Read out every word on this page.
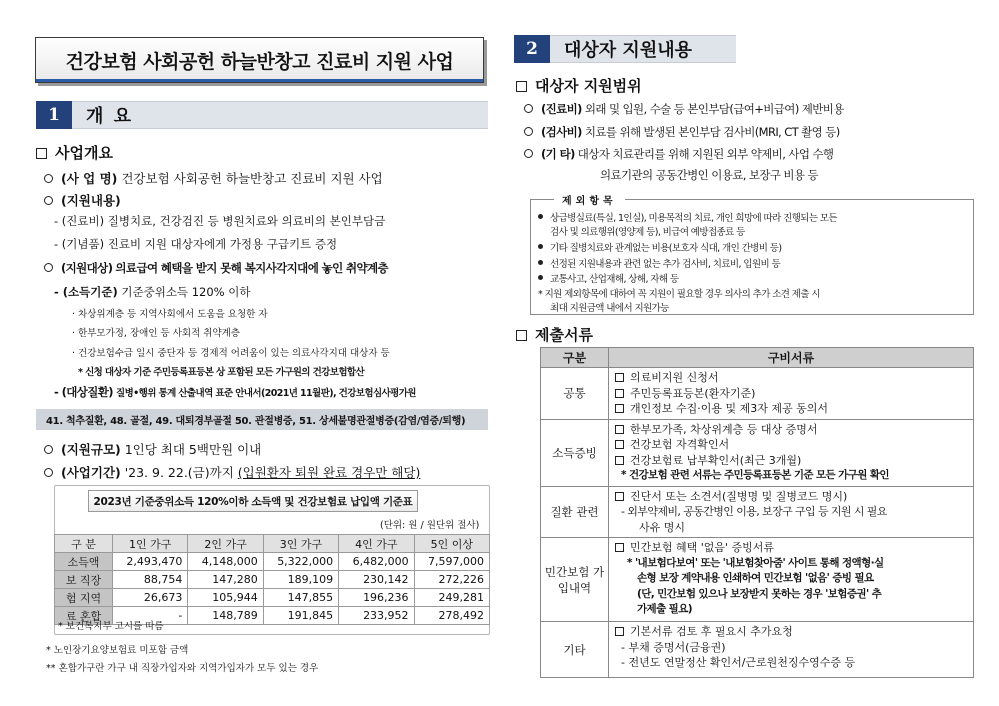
건강보험 사회공헌 하늘반창고 진료비 지원 사업
1	개 요
사업개요
(사 업 명) 건강보험 사회공헌 하늘반창고 진료비 지원 사업
(지원내용)
- (진료비) 질병치료, 건강검진 등 병원치료와 의료비의 본인부담금
- (기념품) 진료비 지원 대상자에게 가정용 구급키트 증정
(지원대상) 의료급여 혜택을 받지 못해 복지사각지대에 놓인 취약계층
- (소득기준) 기준중위소득 120% 이하
· 차상위계층 등 지역사회에서 도움을 요청한 자
· 한부모가정, 장애인 등 사회적 취약계층
· 건강보험수급 일시 중단자 등 경제적 어려움이 있는 의료사각지대 대상자 등
* 신청 대상자 기준 주민등록표등본 상 포함된 모든 가구원의 건강보험합산
- (대상질환) 질병•행위 통계 산출내역 표준 안내서(2021년 11월판), 건강보험심사평가원
41. 척추질환, 48. 골절, 49. 대퇴경부골절 50. 관절병증, 51. 상세불명관절병증(감염/염증/퇴행)
(지원규모) 1인당 최대 5백만원 이내
(사업기간) '23. 9. 22.(금)까지 (입원환자 퇴원 완료 경우만 해당)
2023년 기준중위소득 120%이하 소득액 및 건강보험료 납입액 기준표
(단위: 원 / 원단위 절사)
구 분	1인 가구	2인 가구	3인 가구	4인 가구	5인 이상
소득액	2,493,470	4,148,000	5,322,000	6,482,000	7,597,000
보 직장	88,754	147,280	189,109	230,142	272,226
험 지역	26,673	105,944	147,855	196,236	249,281
료 혼합	-	148,789	191,845	233,952	278,492
* 보건복지부 고시를 따름
* 노인장기요양보험료 미포함 금액
** 혼합가구란 가구 내 직장가입자와 지역가입자가 모두 있는 경우
2	대상자 지원내용
대상자 지원범위
(진료비) 외래 및 입원, 수술 등 본인부담(급여+비급여) 제반비용
(검사비) 치료를 위해 발생된 본인부담 검사비(MRI, CT 촬영 등)
(기 타) 대상자 치료관리를 위해 지원된 외부 약제비, 사업 수행
의료기관의 공동간병인 이용료, 보장구 비용 등
제외항목
상급병실료(특실, 1인실), 미용목적의 치료, 개인 희망에 따라 진행되는 모든
검사 및 의료행위(영양제 등), 비급여 예방접종료 등
기타 질병치료와 관계없는 비용(보호자 식대, 개인 간병비 등)
선정된 지원내용과 관련 없는 추가 검사비, 치료비, 입원비 등
교통사고, 산업재해, 상해, 자해 등
* 지원 제외항목에 대하여 꼭 지원이 필요할 경우 의사의 추가 소견 제출 시
최대 지원금액 내에서 지원가능
제출서류
구분	구비서류
공통	의료비지원 신청서
주민등록표등본(환자기준)
개인정보 수집·이용 및 제3자 제공 동의서

소득증빙	한부모가족, 차상위계층 등 대상 증명서
건강보험 자격확인서
건강보험료 납부확인서(최근 3개월)
* 건강보험 관련 서류는 주민등록표등본 기준 모든 가구원 확인

질환 관련	진단서 또는 소견서(질병명 및 질병코드 명시)
- 외부약제비, 공동간병인 이용, 보장구 구입 등 지원 시 필요
사유 명시

민간보험 가입내역	민간보험 혜택 '없음' 증빙서류
* '내보험다보여' 또는 '내보험찾아줌' 사이트 통해 정액형·실
손형 보장 계약내용 인쇄하여 민간보험 '없음' 증빙 필요
(단, 민간보험 있으나 보장받지 못하는 경우 '보험증권' 추
가제출 필요)

기타	기본서류 검토 후 필요시 추가요청
- 부채 증명서(금융권)
- 전년도 연말정산 확인서/근로원천징수영수증 등
